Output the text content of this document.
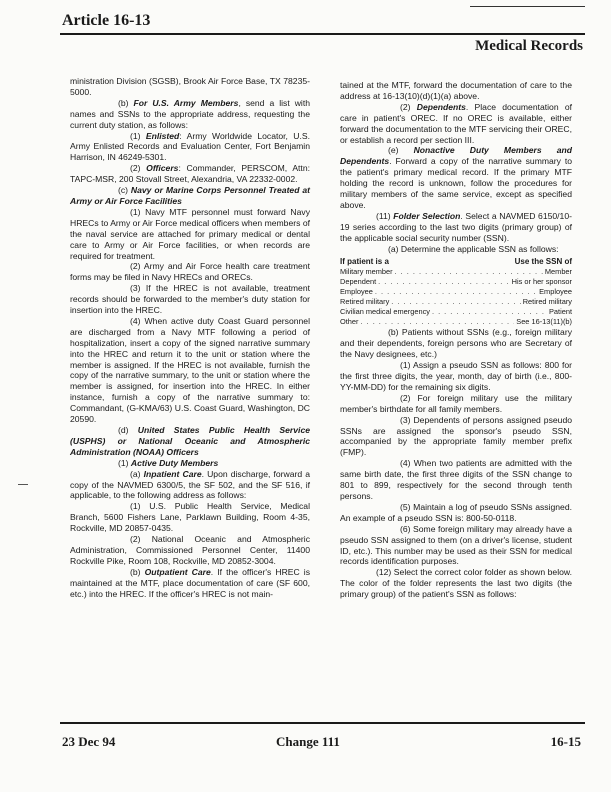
Article 16-13
Medical Records

ministration Division (SGSB), Brook Air Force Base, TX 78235-5000.

(b) For U.S. Army Members, send a list with names and SSNs to the appropriate address, requesting the current duty station, as follows:

(1) Enlisted: Army Worldwide Locator, U.S. Army Enlisted Records and Evaluation Center, Fort Benjamin Harrison, IN 46249-5301.

(2) Officers: Commander, PERSCOM, Attn: TAPC-MSR, 200 Stovall Street, Alexandria, VA 22332-0002.

(c) Navy or Marine Corps Personnel Treated at Army or Air Force Facilities

(1) Navy MTF personnel must forward Navy HRECs to Army or Air Force medical officers when members of the naval service are attached for primary medical or dental care to Army or Air Force facilities, or when records are required for treatment.

(2) Army and Air Force health care treatment forms may be filed in Navy HRECs and ORECs.

(3) If the HREC is not available, treatment records should be forwarded to the member's duty station for insertion into the HREC.

(4) When active duty Coast Guard personnel are discharged from a Navy MTF following a period of hospitalization, insert a copy of the signed narrative summary into the HREC and return it to the unit or station where the member is assigned. If the HREC is not available, furnish the copy of the narrative summary, to the unit or station where the member is assigned, for insertion into the HREC. In either instance, furnish a copy of the narrative summary to: Commandant, (G-KMA/63) U.S. Coast Guard, Washington, DC 20590.

(d) United States Public Health Service (USPHS) or National Oceanic and Atmospheric Administration (NOAA) Officers

(1) Active Duty Members

(a) Inpatient Care. Upon discharge, forward a copy of the NAVMED 6300/5, the SF 502, and the SF 516, if applicable, to the following address as follows:

(1) U.S. Public Health Service, Medical Branch, 5600 Fishers Lane, Parklawn Building, Room 4-35, Rockville, MD 20857-0435.

(2) National Oceanic and Atmospheric Administration, Commissioned Personnel Center, 11400 Rockville Pike, Room 108, Rockville, MD 20852-3004.

(b) Outpatient Care. If the officer's HREC is maintained at the MTF, place documentation of care (SF 600, etc.) into the HREC. If the officer's HREC is not main-

tained at the MTF, forward the documentation of care to the address at 16-13(10)(d)(1)(a) above.

(2) Dependents. Place documentation of care in patient's OREC. If no OREC is available, either forward the documentation to the MTF servicing their OREC, or establish a record per section III.

(e) Nonactive Duty Members and Dependents. Forward a copy of the narrative summary to the patient's primary medical record. If the primary MTF holding the record is unknown, follow the procedures for military members of the same service, except as specified above.

(11) Folder Selection. Select a NAVMED 6150/10-19 series according to the last two digits (primary group) of the applicable social security number (SSN).

(a) Determine the applicable SSN as follows:

If patient is a	Use the SSN of
Military member . . .	Member
Dependent . . .	His or her sponsor
Employee . . .	Employee
Retired military . . .	Retired military
Civilian medical emergency . . .	Patient
Other . . .	See 16-13(11)(b)

(b) Patients without SSNs (e.g., foreign military and their dependents, foreign persons who are Secretary of the Navy designees, etc.)

(1) Assign a pseudo SSN as follows: 800 for the first three digits, the year, month, day of birth (i.e., 800-YY-MM-DD) for the remaining six digits.

(2) For foreign military use the military member's birthdate for all family members.

(3) Dependents of persons assigned pseudo SSNs are assigned the sponsor's pseudo SSN, accompanied by the appropriate family member prefix (FMP).

(4) When two patients are admitted with the same birth date, the first three digits of the SSN change to 801 to 899, respectively for the second through tenth persons.

(5) Maintain a log of pseudo SSNs assigned. An example of a pseudo SSN is: 800-50-0118.

(6) Some foreign military may already have a pseudo SSN assigned to them (on a driver's license, student ID, etc.). This number may be used as their SSN for medical records identification purposes.

(12) Select the correct color folder as shown below. The color of the folder represents the last two digits (the primary group) of the patient's SSN as follows:

23 Dec 94	Change 111	16-15
